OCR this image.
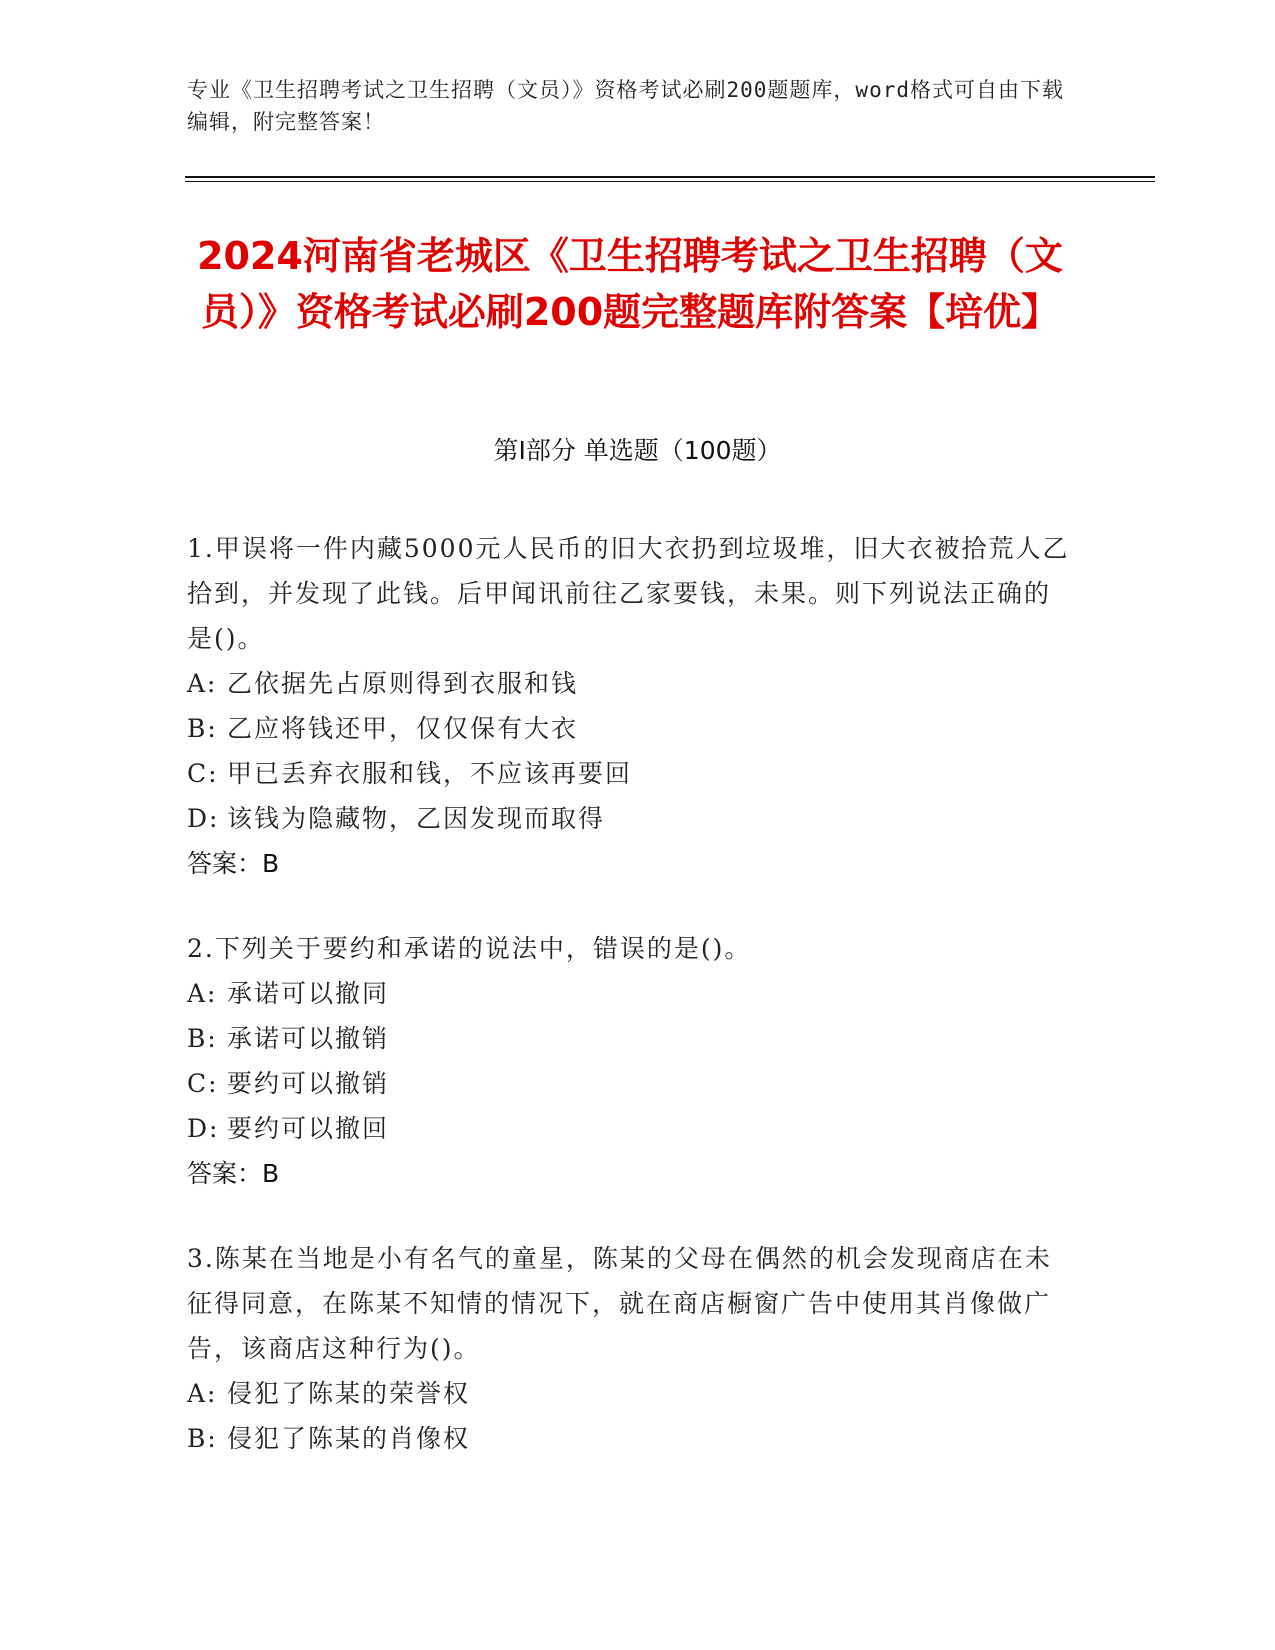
专业《卫生招聘考试之卫生招聘（文员）》资格考试必刷200题题库，word格式可自由下载编辑，附完整答案！
2024河南省老城区《卫生招聘考试之卫生招聘（文员）》资格考试必刷200题完整题库附答案【培优】
第Ⅰ部分 单选题（100题）
1.甲误将一件内藏5000元人民币的旧大衣扔到垃圾堆，旧大衣被拾荒人乙拾到，并发现了此钱。后甲闻讯前往乙家要钱，未果。则下列说法正确的是()。
A: 乙依据先占原则得到衣服和钱
B: 乙应将钱还甲，仅仅保有大衣
C: 甲已丢弃衣服和钱，不应该再要回
D: 该钱为隐藏物，乙因发现而取得
答案：B
2.下列关于要约和承诺的说法中，错误的是()。
A: 承诺可以撤同
B: 承诺可以撤销
C: 要约可以撤销
D: 要约可以撤回
答案：B
3.陈某在当地是小有名气的童星，陈某的父母在偶然的机会发现商店在未征得同意，在陈某不知情的情况下，就在商店橱窗广告中使用其肖像做广告，该商店这种行为()。
A: 侵犯了陈某的荣誉权
B: 侵犯了陈某的肖像权
